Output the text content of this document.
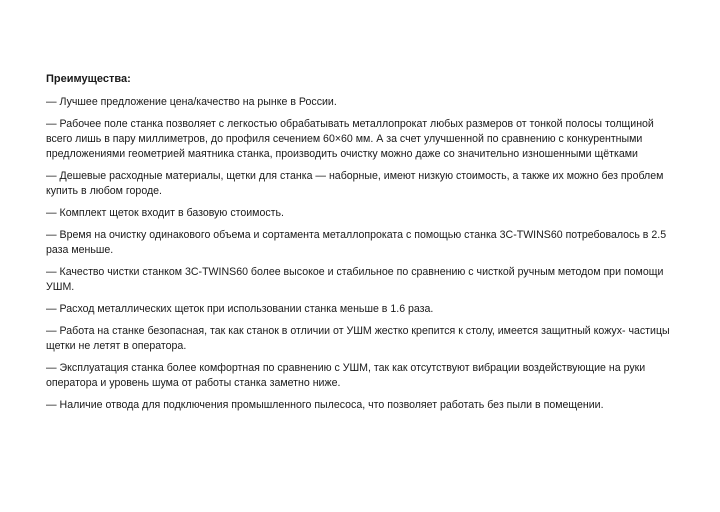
Преимущества:
— Лучшее предложение цена/качество на рынке в России.
— Рабочее поле станка позволяет с легкостью обрабатывать металлопрокат любых размеров от тонкой полосы толщиной всего лишь в пару миллиметров, до профиля сечением 60×60 мм. А за счет улучшенной по сравнению с конкурентными предложениями геометрией маятника станка, производить очистку можно даже со значительно изношенными щётками
— Дешевые расходные материалы, щетки для станка — наборные, имеют низкую стоимость, а также их можно без проблем купить в любом городе.
— Комплект щеток входит в базовую стоимость.
— Время на очистку одинакового объема и сортамента металлопроката с помощью станка 3C-TWINS60 потребовалось в 2.5 раза меньше.
— Качество чистки станком 3C-TWINS60 более высокое и стабильное по сравнению с чисткой ручным методом при помощи УШМ.
— Расход металлических щеток при использовании станка меньше в 1.6 раза.
— Работа на станке безопасная, так как станок в отличии от УШМ жестко крепится к столу, имеется защитный кожух- частицы щетки не летят в оператора.
— Эксплуатация станка более комфортная по сравнению с УШМ, так как отсутствуют вибрации воздействующие на руки оператора и уровень шума от работы станка заметно ниже.
— Наличие отвода для подключения промышленного пылесоса, что позволяет работать без пыли в помещении.
